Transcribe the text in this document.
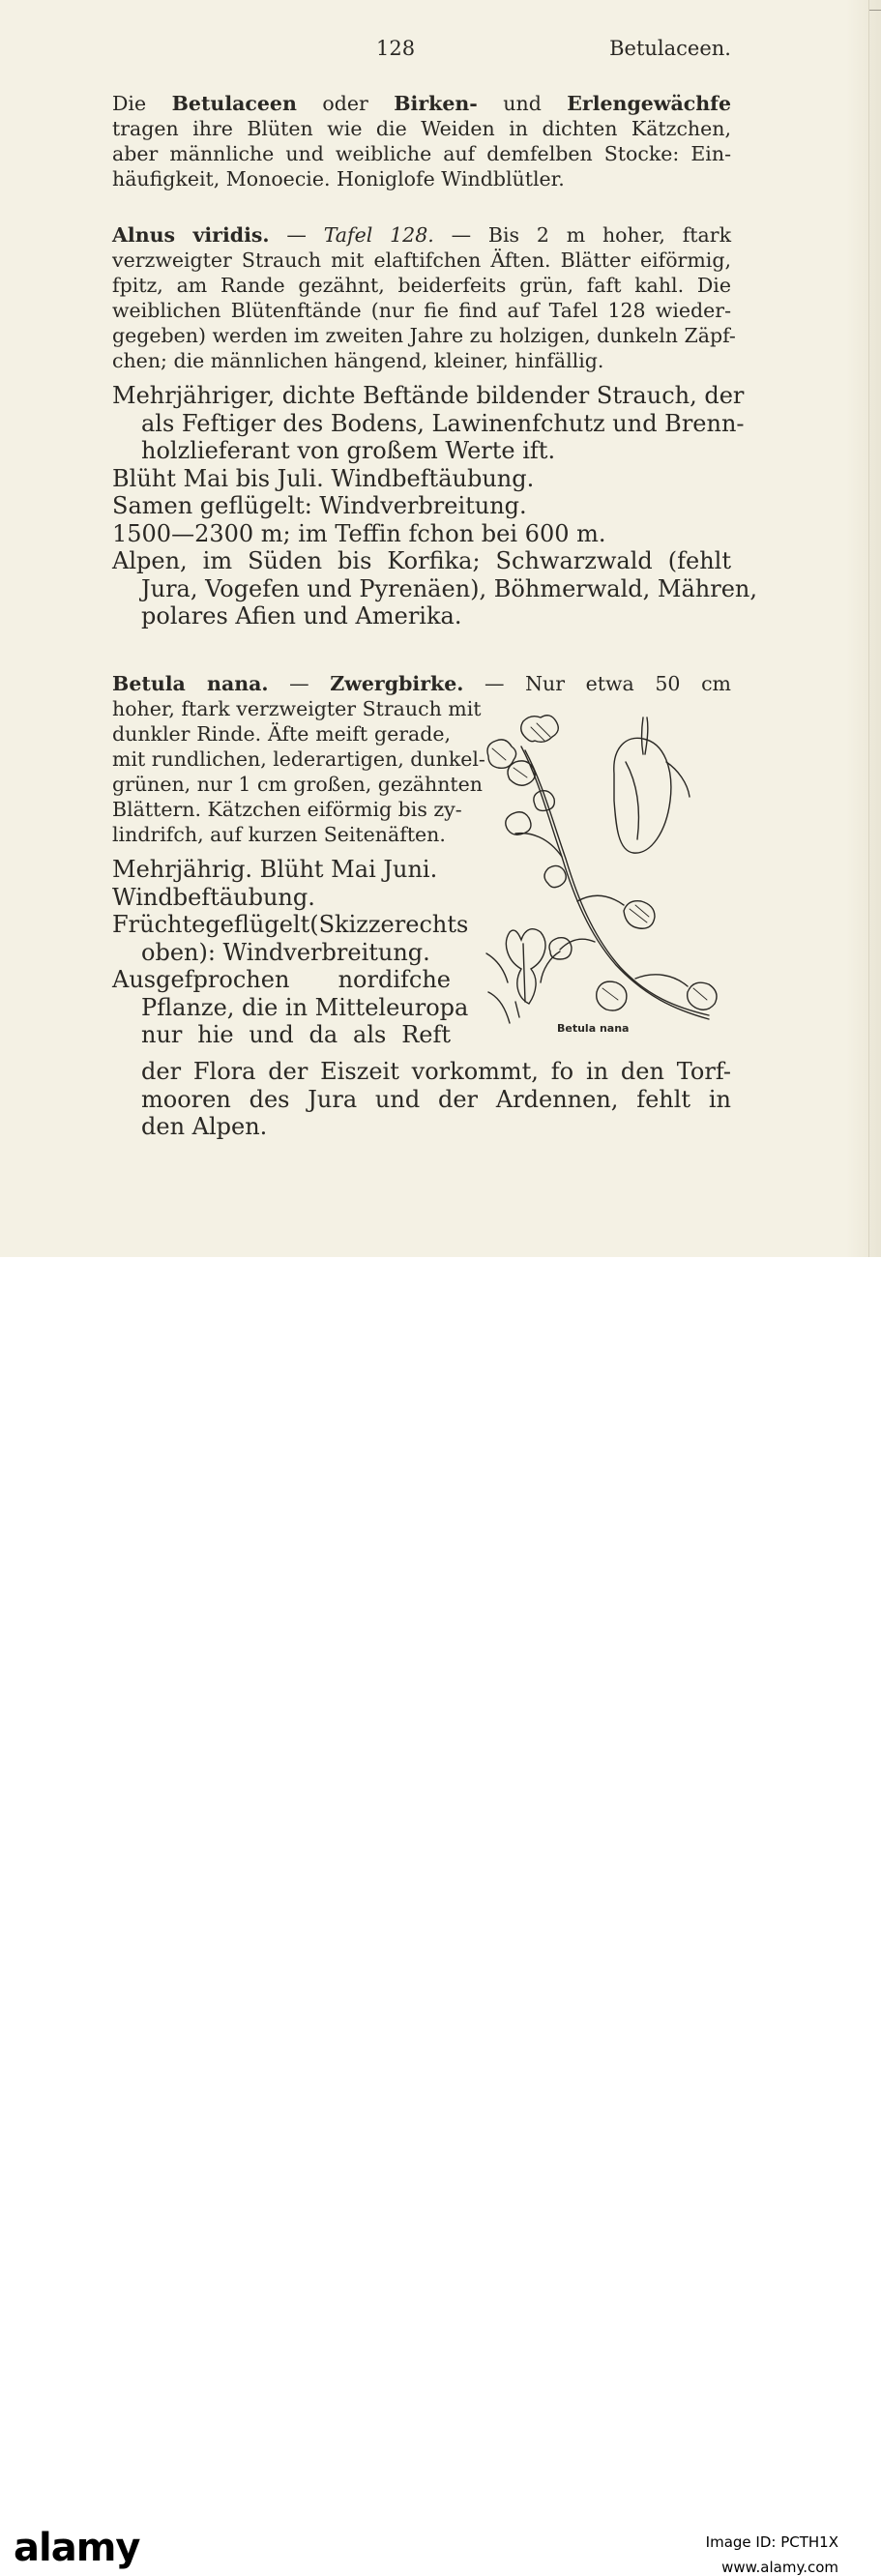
128	Betulaceen.
Die Betulaceen oder Birken- und Erlengewächfe
tragen ihre Blüten wie die Weiden in dichten Kätzchen,
aber männliche und weibliche auf demfelben Stocke: Ein-
häufigkeit, Monoecie. Honiglofe Windblütler.
Alnus viridis. — Tafel 128. — Bis 2 m hoher, ftark
verzweigter Strauch mit elaftifchen Äften. Blätter eiförmig,
fpitz, am Rande gezähnt, beiderfeits grün, faft kahl. Die
weiblichen Blütenftände (nur fie find auf Tafel 128 wieder-
gegeben) werden im zweiten Jahre zu holzigen, dunkeln Zäpf-
chen; die männlichen hängend, kleiner, hinfällig.
Mehrjähriger, dichte Beftände bildender Strauch, der
als Feftiger des Bodens, Lawinenfchutz und Brenn-
holzlieferant von großem Werte ift.
Blüht Mai bis Juli. Windbeftäubung.
Samen geflügelt: Windverbreitung.
1500—2300 m; im Teffin fchon bei 600 m.
Alpen, im Süden bis Korfika; Schwarzwald (fehlt
Jura, Vogefen und Pyrenäen), Böhmerwald, Mähren,
polares Afien und Amerika.
Betula nana. — Zwergbirke. — Nur etwa 50 cm
hoher, ftark verzweigter Strauch mit
dunkler Rinde. Äfte meift gerade,
mit rundlichen, lederartigen, dunkel-
grünen, nur 1 cm großen, gezähnten
Blättern. Kätzchen eiförmig bis zy-
lindrifch, auf kurzen Seitenäften.
Mehrjährig. Blüht Mai Juni.
Windbeftäubung.
Früchtegeflügelt(Skizzerechts
oben): Windverbreitung.
Ausgefprochen nordifche
Pflanze, die in Mitteleuropa
nur hie und da als Reft
der Flora der Eiszeit vorkommt, fo in den Torf-
mooren des Jura und der Ardennen, fehlt in
den Alpen.
Betula nana
alamy	Image ID: PCTH1X
www.alamy.com
